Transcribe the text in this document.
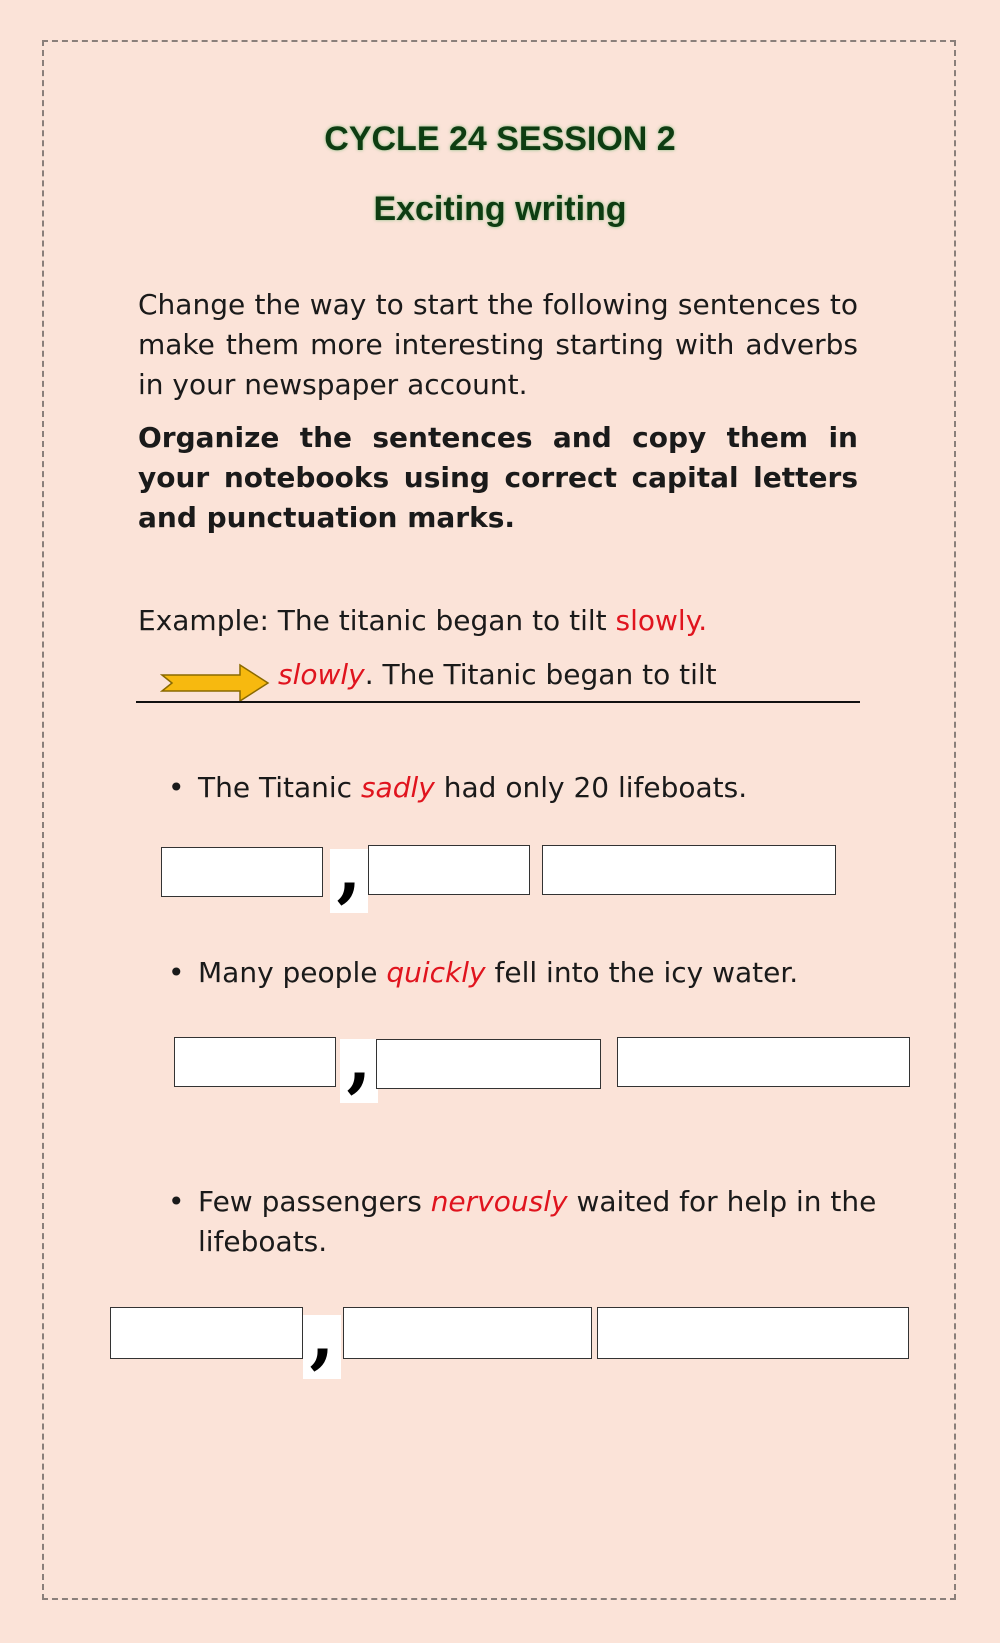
CYCLE 24 SESSION 2
Exciting writing
Change the way to start the following sentences to make them more interesting starting with adverbs in your newspaper account.
Organize the sentences and copy them in your notebooks using correct capital letters and punctuation marks.
Example: The titanic began to tilt slowly.
slowly. The Titanic began to tilt
• The Titanic sadly had only 20 lifeboats.
,
• Many people quickly fell into the icy water.
,
• Few passengers nervously waited for help in the
lifeboats.
,
